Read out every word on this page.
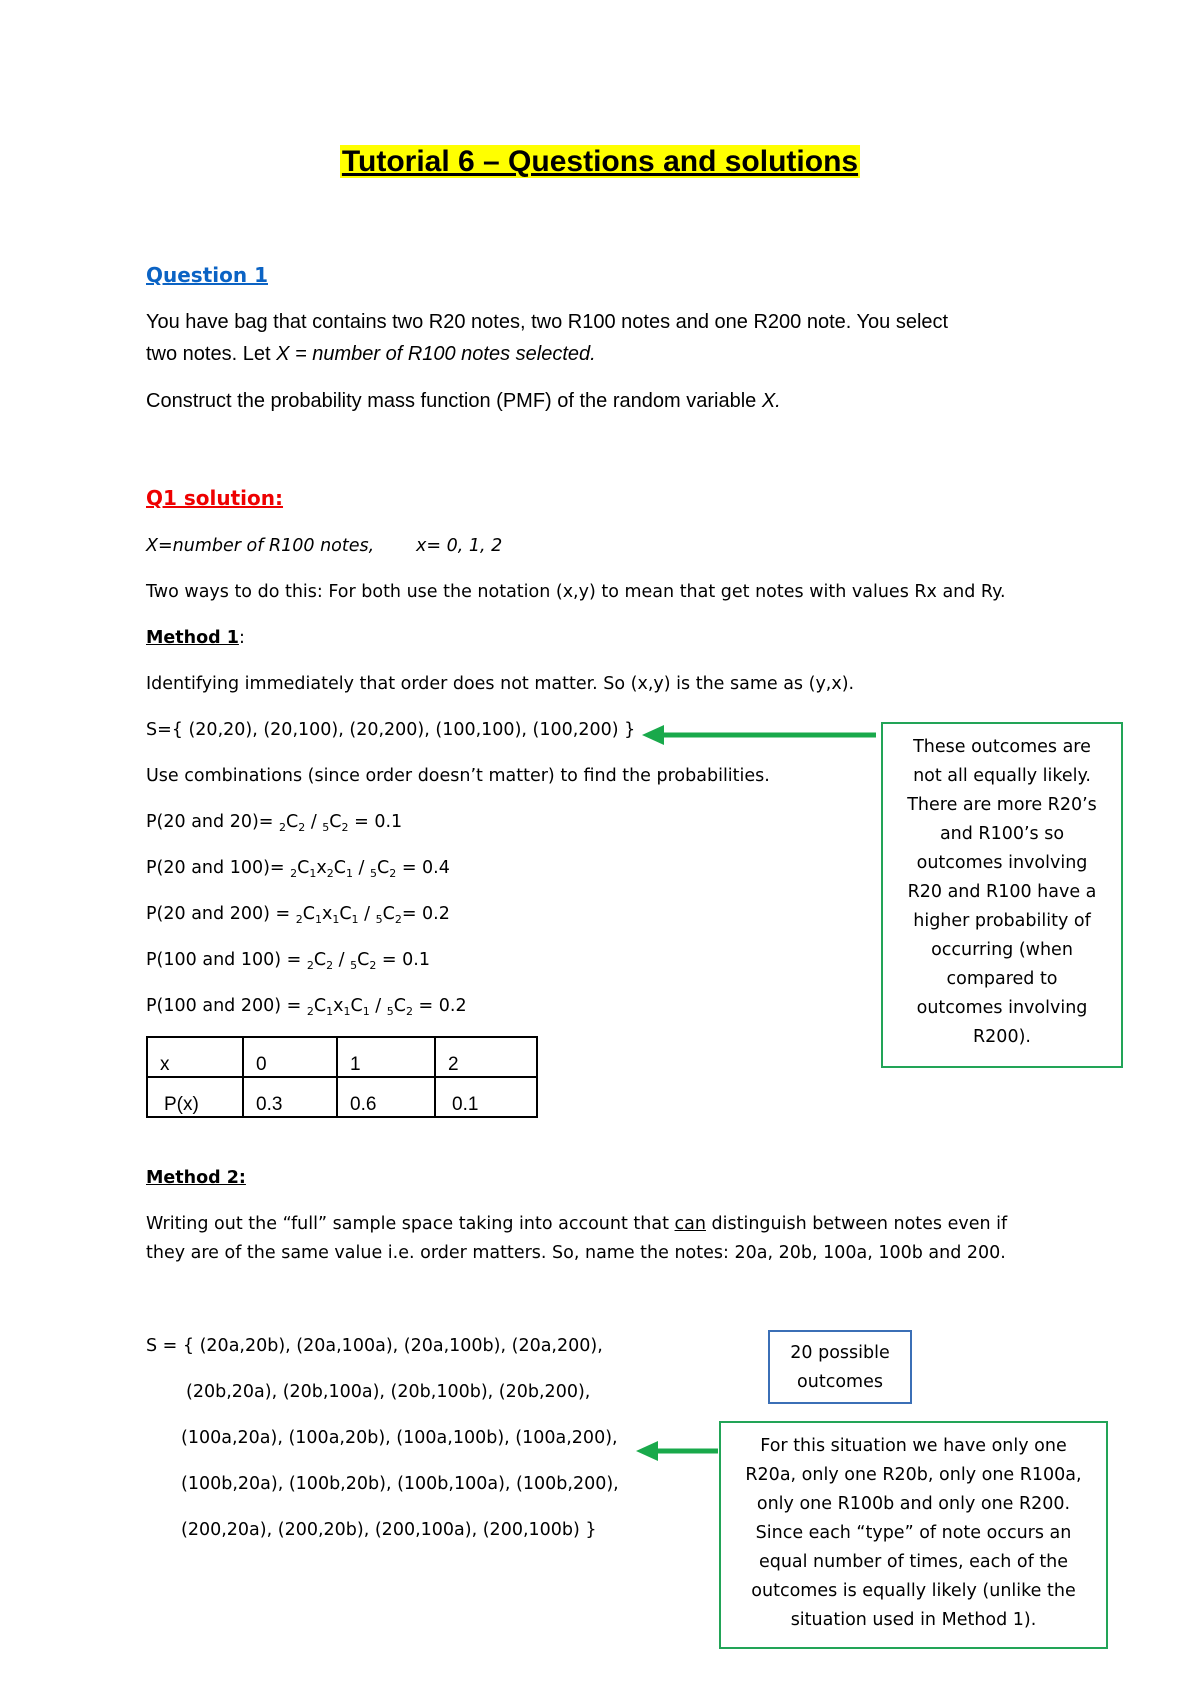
Tutorial 6 – Questions and solutions
Question 1
You have bag that contains two R20 notes, two R100 notes and one R200 note. You select
two notes. Let X = number of R100 notes selected.
Construct the probability mass function (PMF) of the random variable X.
Q1 solution:
X=number of R100 notes, x= 0, 1, 2
Two ways to do this: For both use the notation (x,y) to mean that get notes with values Rx and Ry.
Method 1:
Identifying immediately that order does not matter. So (x,y) is the same as (y,x).
S={ (20,20), (20,100), (20,200), (100,100), (100,200) }
Use combinations (since order doesn’t matter) to find the probabilities.
P(20 and $20)= _2C_2 / _5C_2 = 0.1$
P(20 and $100)= _2C_1x_2C_1 / _5C_2 = 0.4$
P(20 and $200) = _2C_1x_1C_1 / _5C_2= 0.2$
P(100 and $100) = _2C_2 / _5C_2 = 0.1$
P(100 and $200) = _2C_1x_1C_1 / _5C_2 = 0.2$
x	0	1	2
P(x)	0.3	0.6	0.1
These outcomes are
not all equally likely.
There are more R20’s
and R100’s so
outcomes involving
R20 and R100 have a
higher probability of
occurring (when
compared to
outcomes involving
R200).
Method 2:
Writing out the “full” sample space taking into account that can distinguish between notes even if
they are of the same value i.e. order matters. So, name the notes: 20a, 20b, 100a, 100b and 200.
S = { (20a,20b), (20a,100a), (20a,100b), (20a,200),
(20b,20a), (20b,100a), (20b,100b), (20b,200),
(100a,20a), (100a,20b), (100a,100b), (100a,200),
(100b,20a), (100b,20b), (100b,100a), (100b,200),
(200,20a), (200,20b), (200,100a), (200,100b) }
20 possible
outcomes
For this situation we have only one
R20a, only one R20b, only one R100a,
only one R100b and only one R200.
Since each “type” of note occurs an
equal number of times, each of the
outcomes is equally likely (unlike the
situation used in Method 1).
